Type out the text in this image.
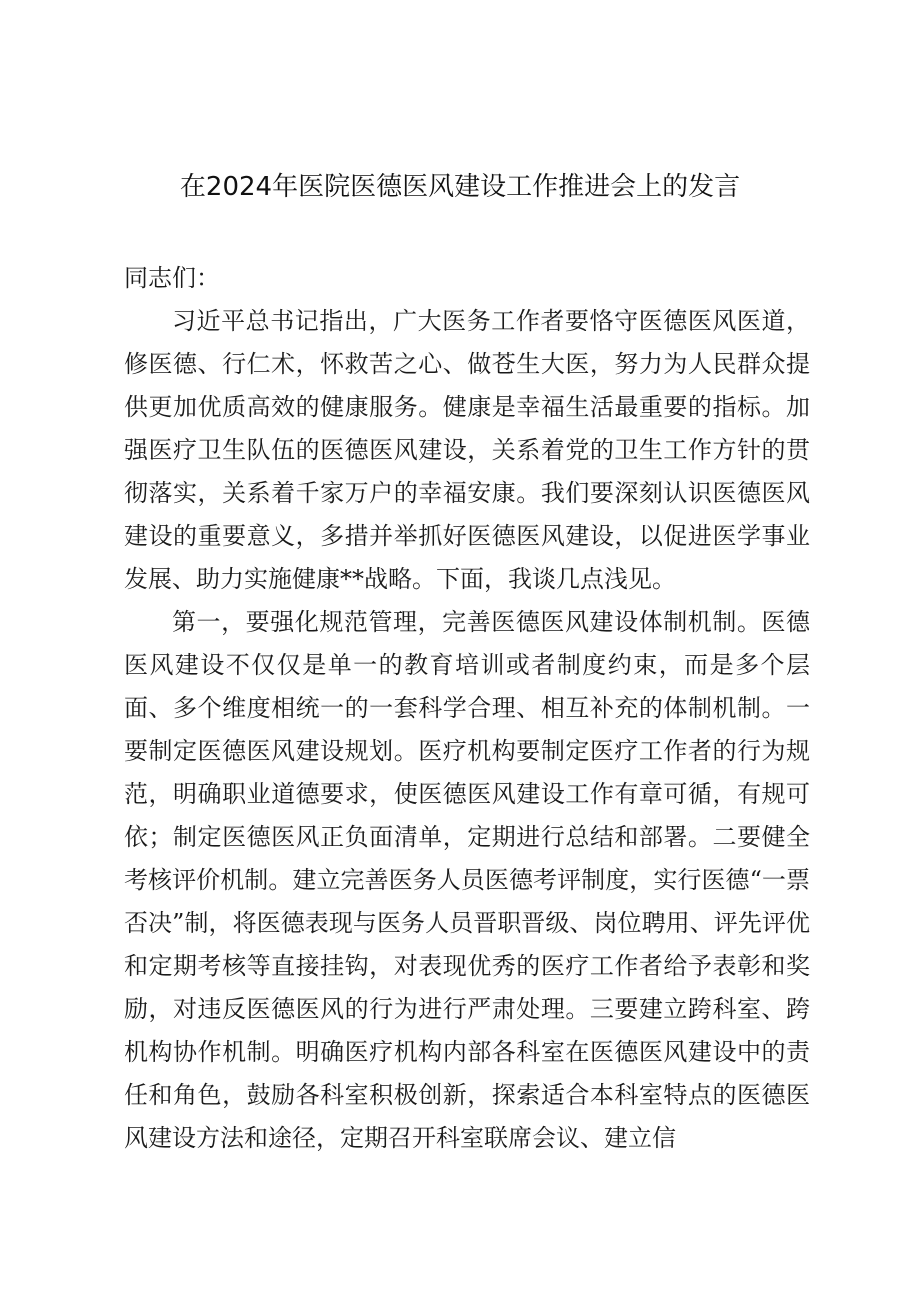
在2024年医院医德医风建设工作推进会上的发言

同志们：

习近平总书记指出，广大医务工作者要恪守医德医风医道，修医德、行仁术，怀救苦之心、做苍生大医，努力为人民群众提供更加优质高效的健康服务。健康是幸福生活最重要的指标。加强医疗卫生队伍的医德医风建设，关系着党的卫生工作方针的贯彻落实，关系着千家万户的幸福安康。我们要深刻认识医德医风建设的重要意义，多措并举抓好医德医风建设，以促进医学事业发展、助力实施健康**战略。下面，我谈几点浅见。

第一，要强化规范管理，完善医德医风建设体制机制。医德医风建设不仅仅是单一的教育培训或者制度约束，而是多个层面、多个维度相统一的一套科学合理、相互补充的体制机制。一要制定医德医风建设规划。医疗机构要制定医疗工作者的行为规范，明确职业道德要求，使医德医风建设工作有章可循，有规可依；制定医德医风正负面清单，定期进行总结和部署。二要健全考核评价机制。建立完善医务人员医德考评制度，实行医德“一票否决”制，将医德表现与医务人员晋职晋级、岗位聘用、评先评优和定期考核等直接挂钩，对表现优秀的医疗工作者给予表彰和奖励，对违反医德医风的行为进行严肃处理。三要建立跨科室、跨机构协作机制。明确医疗机构内部各科室在医德医风建设中的责任和角色，鼓励各科室积极创新，探索适合本科室特点的医德医风建设方法和途径，定期召开科室联席会议、建立信
